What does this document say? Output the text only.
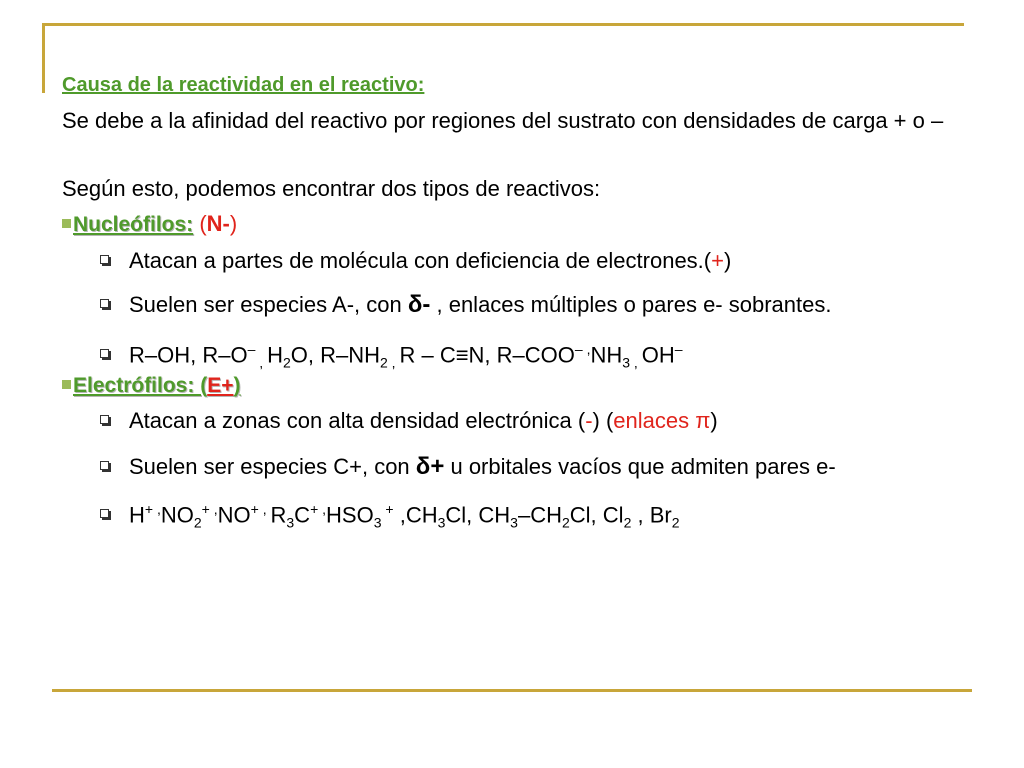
Causa de la reactividad en el reactivo:
Se debe a la afinidad del reactivo por regiones del sustrato con densidades de carga + o –
Según esto, podemos encontrar dos tipos de reactivos:
Nucleófilos: (N-)
Atacan a partes de molécula con deficiencia de electrones.(+)
Suelen ser especies A-, con δ- , enlaces múltiples o pares e- sobrantes.
R–OH, R–O– $_,$ $H_2O$, $R-NH_2$ $_,$ R – C≡N, R–COO– $^,NH_3$ $_,$ OH–
Electrófilos: (E+)
Atacan a zonas con alta densidad electrónica (-) (enlaces π)
Suelen ser especies C+, con δ+ u orbitales vacíos que admiten pares e-
H+ $^,NO_2^+$ ,NO+ , $R_3C^+$ $^,HSO_3$ + $,CH_3Cl$, $CH_3-CH_2Cl$, $Cl_2$ , $Br_2$
